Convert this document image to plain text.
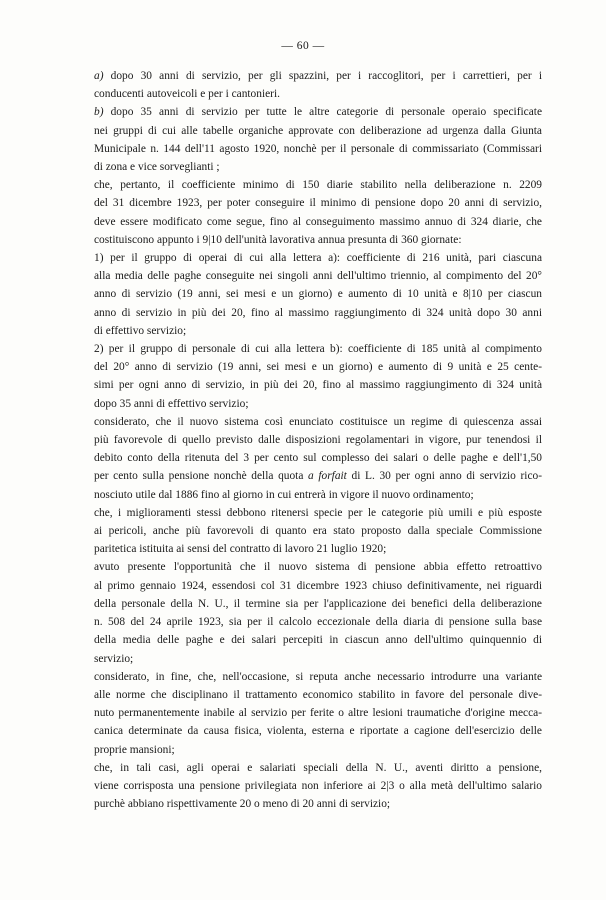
— 60 —
a) dopo 30 anni di servizio, per gli spazzini, per i raccoglitori, per i carrettieri, per i
conducenti autoveicoli e per i cantonieri.
b) dopo 35 anni di servizio per tutte le altre categorie di personale operaio specificate
nei gruppi di cui alle tabelle organiche approvate con deliberazione ad urgenza dalla Giunta
Municipale n. 144 dell'11 agosto 1920, nonchè per il personale di commissariato (Commissari
di zona e vice sorveglianti ;
che, pertanto, il coefficiente minimo di 150 diarie stabilito nella deliberazione n. 2209
del 31 dicembre 1923, per poter conseguire il minimo di pensione dopo 20 anni di servizio,
deve essere modificato come segue, fino al conseguimento massimo annuo di 324 diarie, che
costituiscono appunto i 9|10 dell'unità lavorativa annua presunta di 360 giornate:
1) per il gruppo di operai di cui alla lettera a): coefficiente di 216 unità, pari ciascuna
alla media delle paghe conseguite nei singoli anni dell'ultimo triennio, al compimento del 20°
anno di servizio (19 anni, sei mesi e un giorno) e aumento di 10 unità e 8|10 per ciascun
anno di servizio in più dei 20, fino al massimo raggiungimento di 324 unità dopo 30 anni
di effettivo servizio;
2) per il gruppo di personale di cui alla lettera b): coefficiente di 185 unità al compimento
del 20° anno di servizio (19 anni, sei mesi e un giorno) e aumento di 9 unità e 25 cente-
simi per ogni anno di servizio, in più dei 20, fino al massimo raggiungimento di 324 unità
dopo 35 anni di effettivo servizio;
considerato, che il nuovo sistema così enunciato costituisce un regime di quiescenza assai
più favorevole di quello previsto dalle disposizioni regolamentari in vigore, pur tenendosi il
debito conto della ritenuta del 3 per cento sul complesso dei salari o delle paghe e dell'1,50
per cento sulla pensione nonchè della quota a forfait di L. 30 per ogni anno di servizio rico-
nosciuto utile dal 1886 fino al giorno in cui entrerà in vigore il nuovo ordinamento;
che, i miglioramenti stessi debbono ritenersi specie per le categorie più umili e più esposte
ai pericoli, anche più favorevoli di quanto era stato proposto dalla speciale Commissione
paritetica istituita ai sensi del contratto di lavoro 21 luglio 1920;
avuto presente l'opportunità che il nuovo sistema di pensione abbia effetto retroattivo
al primo gennaio 1924, essendosi col 31 dicembre 1923 chiuso definitivamente, nei riguardi
della personale della N. U., il termine sia per l'applicazione dei benefici della deliberazione
n. 508 del 24 aprile 1923, sia per il calcolo eccezionale della diaria di pensione sulla base
della media delle paghe e dei salari percepiti in ciascun anno dell'ultimo quinquennio di
servizio;
considerato, in fine, che, nell'occasione, si reputa anche necessario introdurre una variante
alle norme che disciplinano il trattamento economico stabilito in favore del personale dive-
nuto permanentemente inabile al servizio per ferite o altre lesioni traumatiche d'origine mecca-
canica determinate da causa fisica, violenta, esterna e riportate a cagione dell'esercizio delle
proprie mansioni;
che, in tali casi, agli operai e salariati speciali della N. U., aventi diritto a pensione,
viene corrisposta una pensione privilegiata non inferiore ai 2|3 o alla metà dell'ultimo salario
purchè abbiano rispettivamente 20 o meno di 20 anni di servizio;
